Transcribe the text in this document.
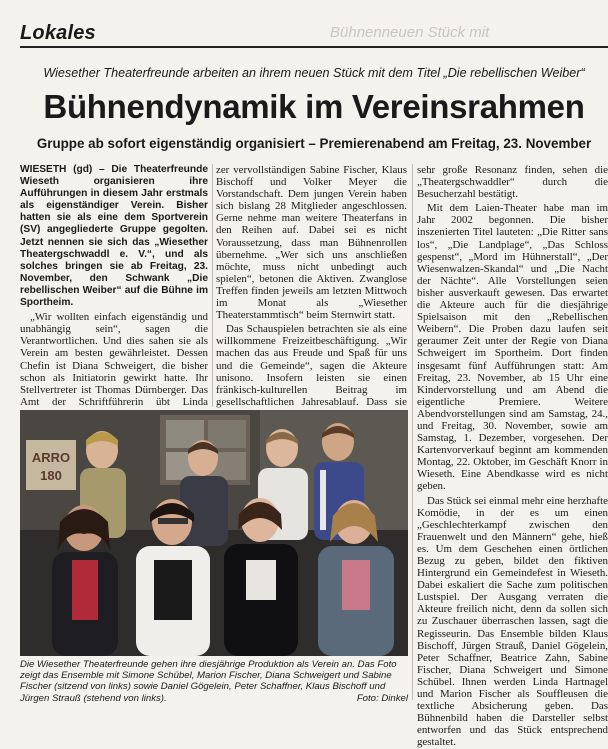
Bühnenneuen Stück mit
Lokales
Wiesether Theaterfreunde arbeiten an ihrem neuen Stück mit dem Titel „Die rebellischen Weiber“
Bühnendynamik im Vereinsrahmen
Gruppe ab sofort eigenständig organisiert – Premierenabend am Freitag, 23. November

WIESETH (gd) – Die Theaterfreunde Wieseth organisieren ihre Aufführungen in diesem Jahr erstmals als eigenständiger Verein. Bisher hatten sie als eine dem Sportverein (SV) angegliederte Gruppe gegolten. Jetzt nennen sie sich das „Wiesether Theatergschwaddl e. V.“, und als solches bringen sie ab Freitag, 23. November, den Schwank „Die rebellischen Weiber“ auf die Bühne im Sportheim.

„Wir wollten einfach eigenständig und unabhängig sein“, sagen die Verantwortlichen. Und dies sahen sie als Verein am besten gewährleistet. Dessen Chefin ist Diana Schweigert, die bisher schon als Initiatorin gewirkt hatte. Ihr Stellvertreter ist Thomas Dürnberger. Das Amt der Schriftführerin übt Linda

zer vervollständigen Sabine Fischer, Klaus Bischoff und Volker Meyer die Vorstandschaft. Dem jungen Verein haben sich bislang 28 Mitglieder angeschlossen. Gerne nehme man weitere Theaterfans in den Reihen auf. Dabei sei es nicht Voraussetzung, dass man Bühnenrollen übernehme. „Wer sich uns anschließen möchte, muss nicht unbedingt auch spielen“, betonen die Aktiven. Zwanglose Treffen finden jeweils am letzten Mittwoch im Monat als „Wiesether Theaterstammtisch“ beim Sternwirt statt.

Das Schauspielen betrachten sie als eine willkommene Freizeitbeschäftigung. „Wir machen das aus Freude und Spaß für uns und die Gemeinde“, sagen die Akteure unisono. Insofern leisten sie einen fränkisch-kulturellen Beitrag im gesellschaftlichen Jahresablauf. Dass sie

sehr große Resonanz finden, sehen die „Theatergschwaddler“ durch die Besucherzahl bestätigt.

Mit dem Laien-Theater habe man im Jahr 2002 begonnen. Die bisher inszenierten Titel lauteten: „Die Ritter sans los“, „Die Landplage“, „Das Schloss gespenst“, „Mord im Hühnerstall“, „Der Wiesenwalzen-Skandal“ und „Die Nacht der Nächte“. Alle Vorstellungen seien bisher ausverkauft gewesen. Das erwartet die Akteure auch für die diesjährige Spielsaison mit den „Rebellischen Weibern“. Die Proben dazu laufen seit geraumer Zeit unter der Regie von Diana Schweigert im Sportheim. Dort finden insgesamt fünf Aufführungen statt: Am Freitag, 23. November, ab 15 Uhr eine Kindervorstellung und am Abend die eigentliche Premiere. Weitere Abendvorstellungen sind am Samstag, 24., und Freitag, 30. November, sowie am Samstag, 1. Dezember, vorgesehen. Der Kartenvorverkauf beginnt am kommenden Montag, 22. Oktober, im Geschäft Knorr in Wieseth. Eine Abendkasse wird es nicht geben.

Das Stück sei einmal mehr eine herzhafte Komödie, in der es um einen „Geschlechterkampf zwischen den Frauenwelt und den Männern“ gehe, hieß es. Um dem Geschehen einen örtlichen Bezug zu geben, bildet den fiktiven Hintergrund ein Gemeindefest in Wieseth. Dabei eskaliert die Sache zum politischen Lustspiel. Der Ausgang verraten die Akteure freilich nicht, denn da sollen sich zu Zuschauer überraschen lassen, sagt die Regisseurin. Das Ensemble bilden Klaus Bischoff, Jürgen Strauß, Daniel Gögelein, Peter Schaffner, Beatrice Zahn, Sabine Fischer, Diana Schweigert und Simone Schübel. Ihnen werden Linda Hartnagel und Marion Fischer als Souffleusen die textliche Absicherung geben. Das Bühnenbild haben die Darsteller selbst entworfen und das Stück entsprechend gestaltet.

ARRO
180
Die Wiesether Theaterfreunde gehen ihre diesjährige Produktion als Verein an. Das Foto zeigt das Ensemble mit Simone Schübel, Marion Fischer, Diana Schweigert und Sabine Fischer (sitzend von links) sowie Daniel Gögelein, Peter Schaffner, Klaus Bischoff und Jürgen Strauß (stehend von links).	Foto: Dinkel
